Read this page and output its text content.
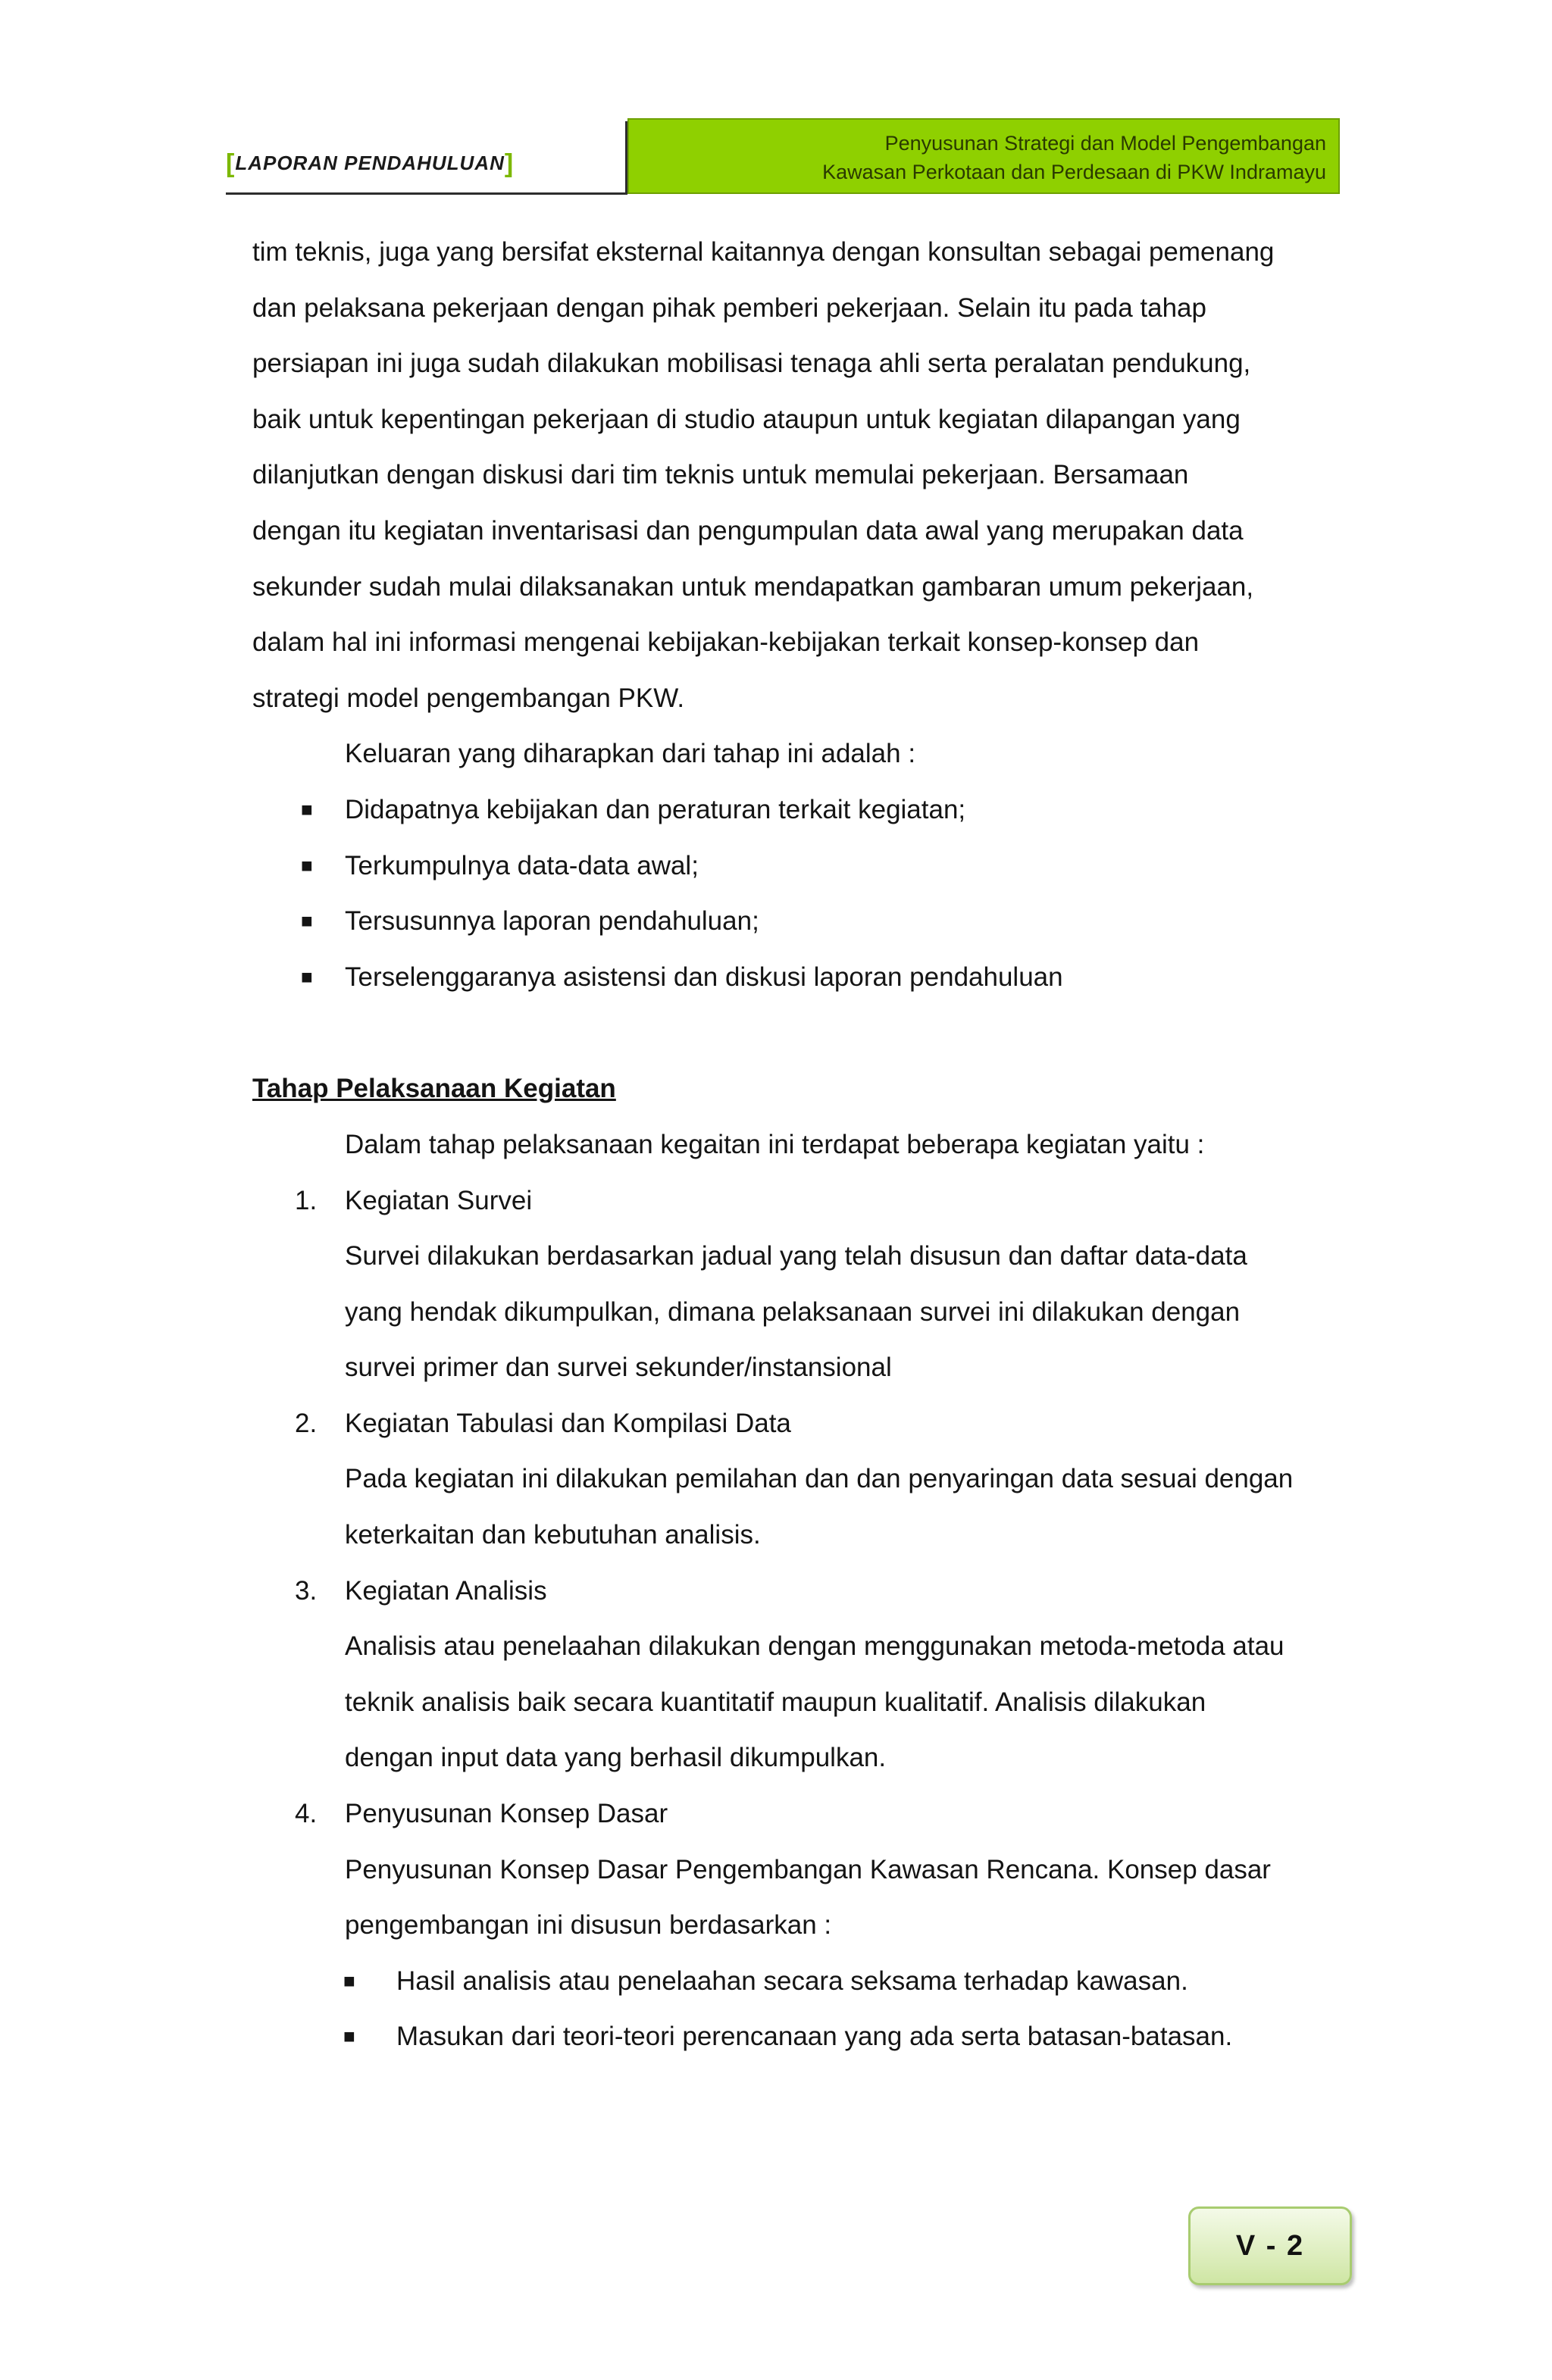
[LAPORAN PENDAHULUAN]
Penyusunan Strategi dan Model Pengembangan
Kawasan Perkotaan dan Perdesaan di PKW Indramayu

tim teknis, juga yang bersifat eksternal kaitannya dengan konsultan sebagai pemenang

dan pelaksana pekerjaan dengan pihak pemberi pekerjaan. Selain itu pada tahap

persiapan ini juga sudah dilakukan mobilisasi tenaga ahli serta peralatan pendukung,

baik untuk kepentingan pekerjaan di studio ataupun untuk kegiatan dilapangan yang

dilanjutkan dengan diskusi dari tim teknis untuk memulai pekerjaan. Bersamaan

dengan itu kegiatan inventarisasi dan pengumpulan data awal yang merupakan data

sekunder sudah mulai dilaksanakan untuk mendapatkan gambaran umum pekerjaan,

dalam hal ini informasi mengenai kebijakan-kebijakan terkait konsep-konsep dan

strategi model pengembangan PKW.

Keluaran yang diharapkan dari tahap ini adalah :

■ Didapatnya kebijakan dan peraturan terkait kegiatan;
■ Terkumpulnya data-data awal;
■ Tersusunnya laporan pendahuluan;
■ Terselenggaranya asistensi dan diskusi laporan pendahuluan
Tahap Pelaksanaan Kegiatan

Dalam tahap pelaksanaan kegaitan ini terdapat beberapa kegiatan yaitu :

1. Kegiatan Survei

Survei dilakukan berdasarkan jadual yang telah disusun dan daftar data-data

yang hendak dikumpulkan, dimana pelaksanaan survei ini dilakukan dengan

survei primer dan survei sekunder/instansional

2. Kegiatan Tabulasi dan Kompilasi Data

Pada kegiatan ini dilakukan pemilahan dan dan penyaringan data sesuai dengan

keterkaitan dan kebutuhan analisis.

3. Kegiatan Analisis

Analisis atau penelaahan dilakukan dengan menggunakan metoda-metoda atau

teknik analisis baik secara kuantitatif maupun kualitatif. Analisis dilakukan

dengan input data yang berhasil dikumpulkan.

4. Penyusunan Konsep Dasar

Penyusunan Konsep Dasar Pengembangan Kawasan Rencana. Konsep dasar

pengembangan ini disusun berdasarkan :

■ Hasil analisis atau penelaahan secara seksama terhadap kawasan.
■ Masukan dari teori-teori perencanaan yang ada serta batasan-batasan.
V - 2
